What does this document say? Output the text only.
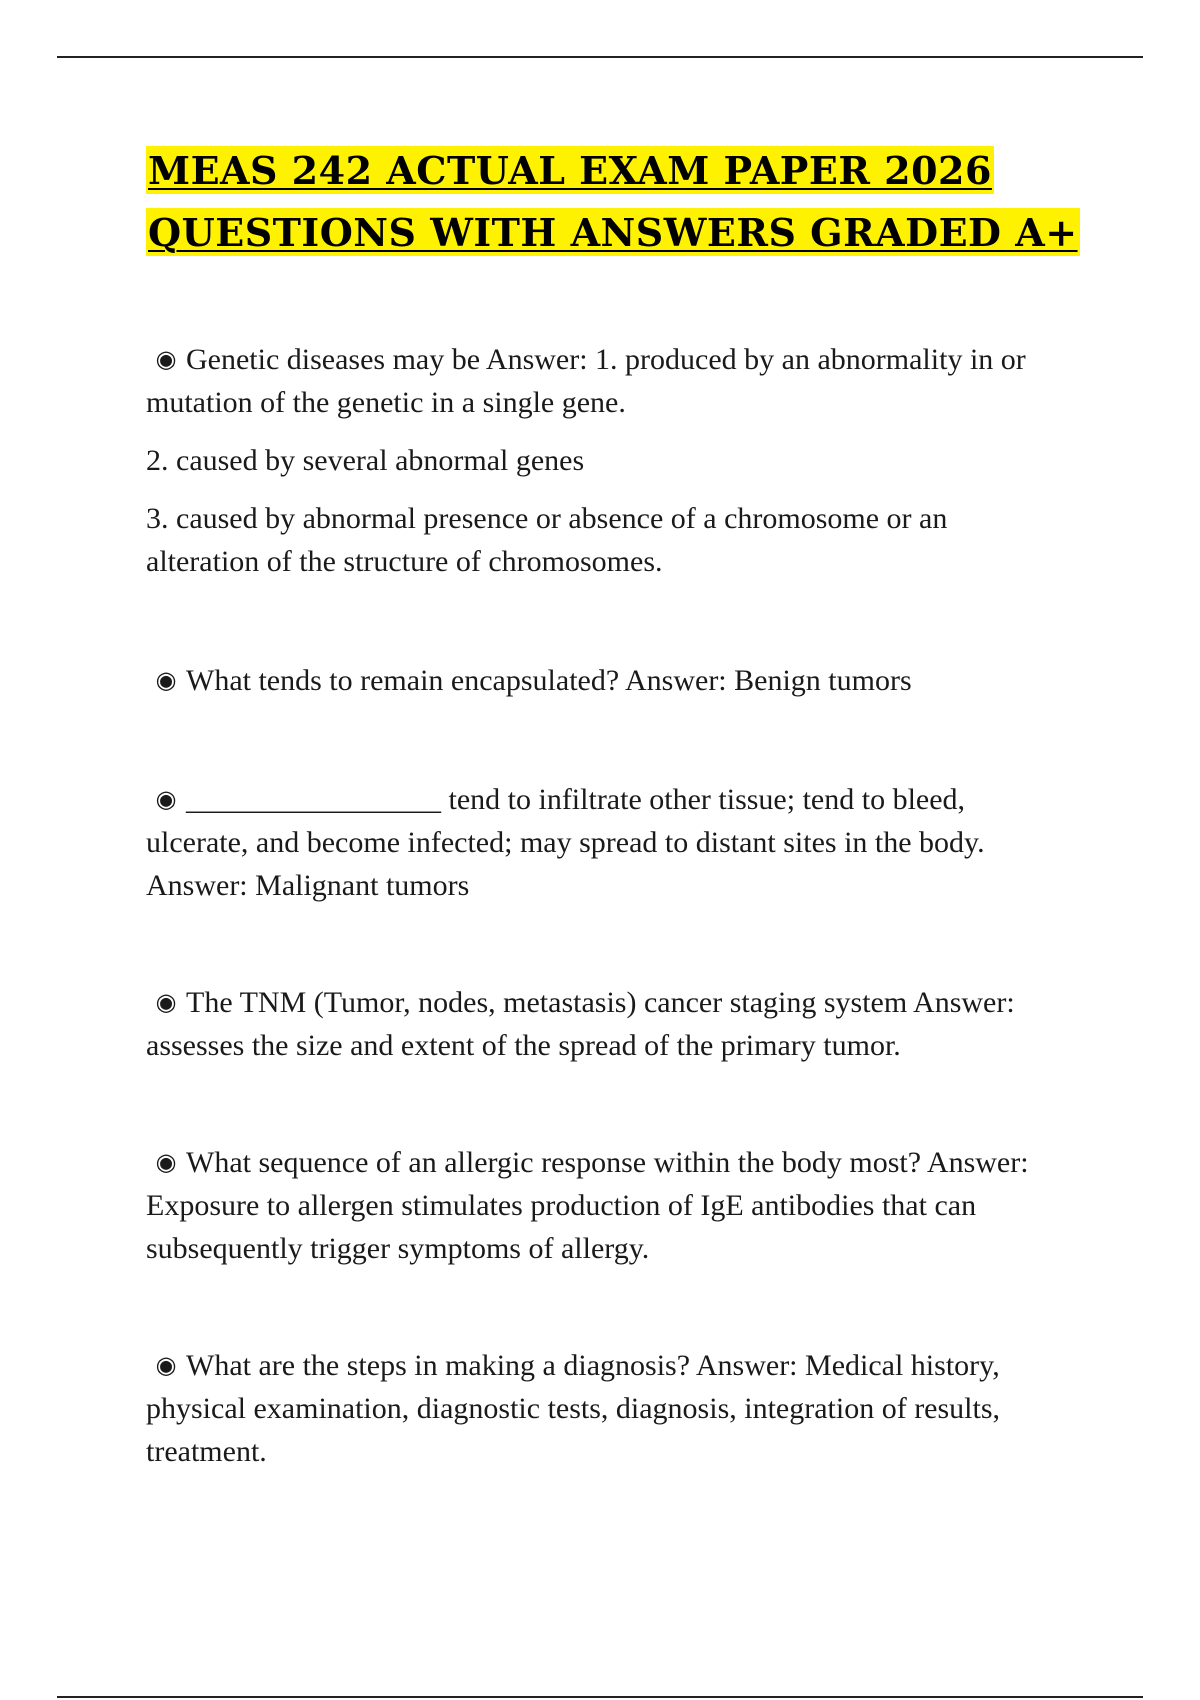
MEAS 242 ACTUAL EXAM PAPER 2026
QUESTIONS WITH ANSWERS GRADED A+

◉ Genetic diseases may be Answer: 1. produced by an abnormality in or mutation of the genetic in a single gene.

2. caused by several abnormal genes

3. caused by abnormal presence or absence of a chromosome or an alteration of the structure of chromosomes.

◉ What tends to remain encapsulated? Answer: Benign tumors

◉ _________________ tend to infiltrate other tissue; tend to bleed, ulcerate, and become infected; may spread to distant sites in the body. Answer: Malignant tumors

◉ The TNM (Tumor, nodes, metastasis) cancer staging system Answer: assesses the size and extent of the spread of the primary tumor.

◉ What sequence of an allergic response within the body most? Answer: Exposure to allergen stimulates production of IgE antibodies that can subsequently trigger symptoms of allergy.

◉ What are the steps in making a diagnosis? Answer: Medical history, physical examination, diagnostic tests, diagnosis, integration of results, treatment.
